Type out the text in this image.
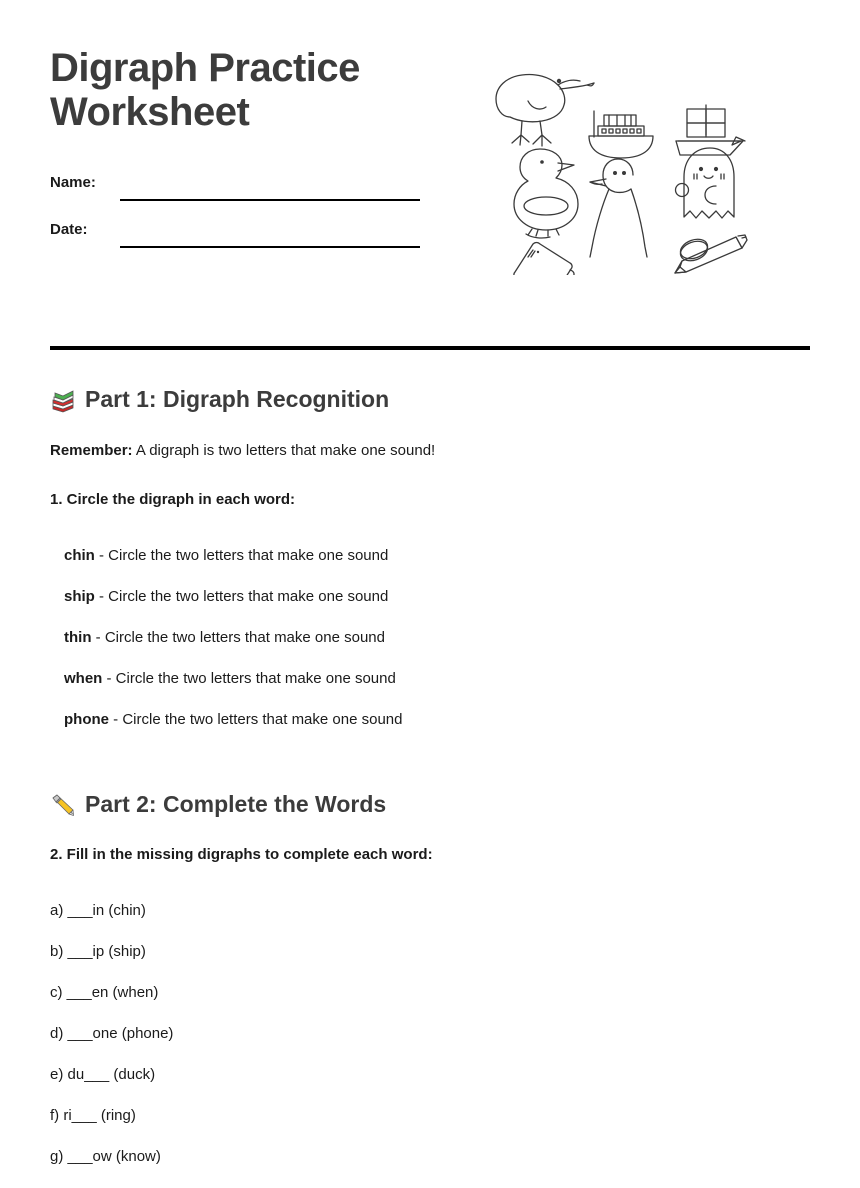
Digraph Practice Worksheet
Name:
Date:
Part 1: Digraph Recognition

Remember: A digraph is two letters that make one sound!

1. Circle the digraph in each word:

chin - Circle the two letters that make one sound
ship - Circle the two letters that make one sound
thin - Circle the two letters that make one sound
when - Circle the two letters that make one sound
phone - Circle the two letters that make one sound
Part 2: Complete the Words

2. Fill in the missing digraphs to complete each word:

a) ___in (chin)
b) ___ip (ship)
c) ___en (when)
d) ___one (phone)
e) du___ (duck)
f) ri___ (ring)
g) ___ow (know)
